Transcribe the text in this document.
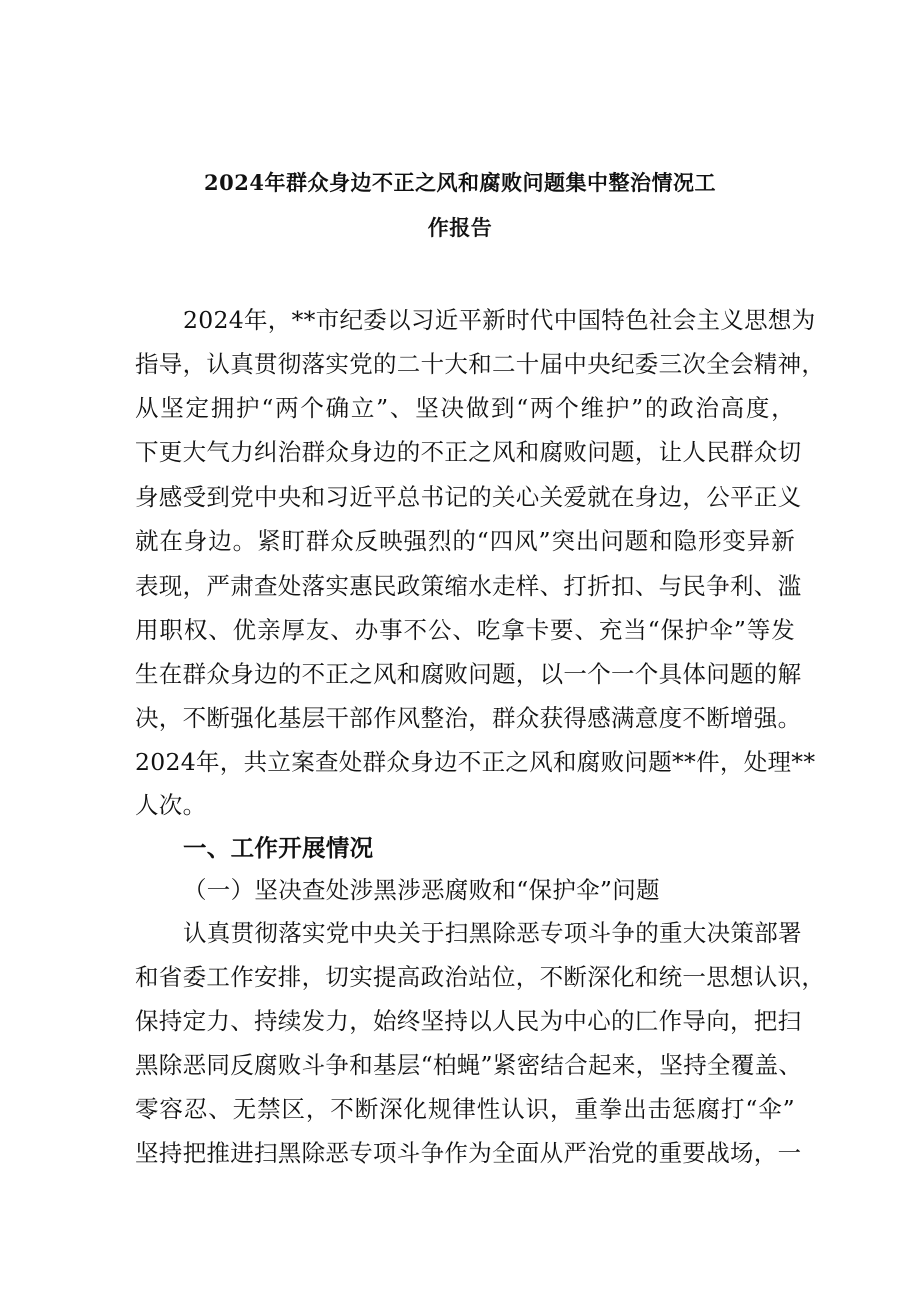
2024年群众身边不正之风和腐败问题集中整治情况工
作报告
2024年，**市纪委以习近平新时代中国特色社会主义思想为
指导，认真贯彻落实党的二十大和二十届中央纪委三次全会精神，
从坚定拥护“两个确立”、坚决做到“两个维护”的政治高度，
下更大气力纠治群众身边的不正之风和腐败问题，让人民群众切
身感受到党中央和习近平总书记的关心关爱就在身边，公平正义
就在身边。紧盯群众反映强烈的“四风”突出问题和隐形变异新
表现，严肃查处落实惠民政策缩水走样、打折扣、与民争利、滥
用职权、优亲厚友、办事不公、吃拿卡要、充当“保护伞”等发
生在群众身边的不正之风和腐败问题，以一个一个具体问题的解
决，不断强化基层干部作风整治，群众获得感满意度不断增强。
2024年，共立案查处群众身边不正之风和腐败问题**件，处理**
人次。
一、工作开展情况
（一）坚决查处涉黑涉恶腐败和“保护伞”问题
认真贯彻落实党中央关于扫黑除恶专项斗争的重大决策部署
和省委工作安排，切实提高政治站位，不断深化和统一思想认识，
保持定力、持续发力，始终坚持以人民为中心的匚作导向，把扫
黑除恶同反腐败斗争和基层“柏蝇”紧密结合起来，坚持全覆盖、
零容忍、无禁区，不断深化规律性认识，重拳出击惩腐打“伞”
坚持把推进扫黑除恶专项斗争作为全面从严治党的重要战场，一
